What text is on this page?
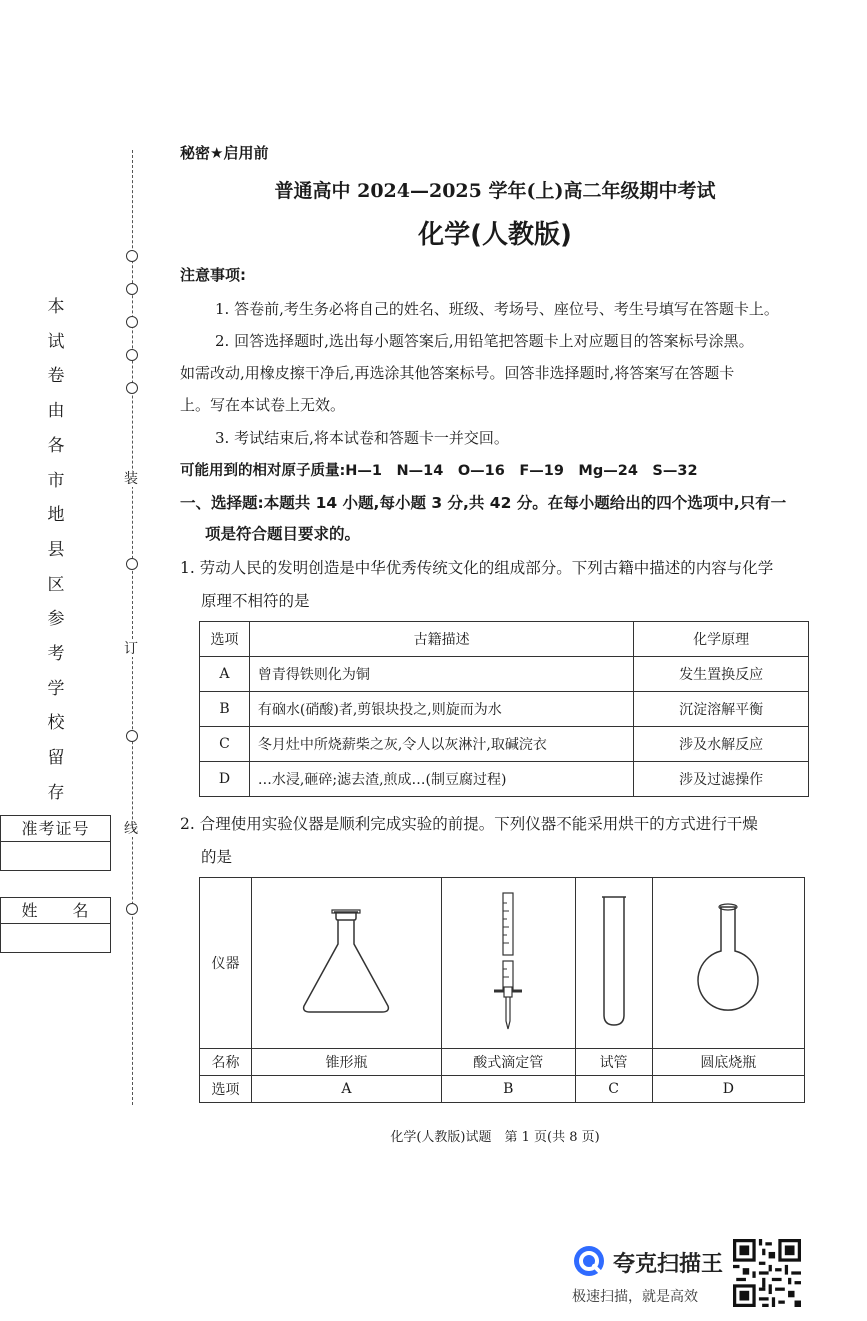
装
订
线
本
试
卷
由
各
市
地
县
区
参
考
学
校
留
存
准考证号
姓　　名
秘密★启用前
普通高中 2024—2025 学年(上)高二年级期中考试
化学(人教版)
注意事项:
1. 答卷前,考生务必将自己的姓名、班级、考场号、座位号、考生号填写在答题卡上。
2. 回答选择题时,选出每小题答案后,用铅笔把答题卡上对应题目的答案标号涂黑。
如需改动,用橡皮擦干净后,再选涂其他答案标号。回答非选择题时,将答案写在答题卡
上。写在本试卷上无效。
3. 考试结束后,将本试卷和答题卡一并交回。
可能用到的相对原子质量:H—1　N—14　O—16　F—19　Mg—24　S—32
一、选择题:本题共 14 小题,每小题 3 分,共 42 分。在每小题给出的四个选项中,只有一
项是符合题目要求的。
1. 劳动人民的发明创造是中华优秀传统文化的组成部分。下列古籍中描述的内容与化学
原理不相符的是
选项	古籍描述	化学原理
A	曾青得铁则化为铜	发生置换反应
B	有硇水(硝酸)者,剪银块投之,则旋而为水	沉淀溶解平衡
C	冬月灶中所烧薪柴之灰,令人以灰淋汁,取碱浣衣	涉及水解反应
D	…水浸,砸碎;滤去渣,煎成…(制豆腐过程)	涉及过滤操作
2. 合理使用实验仪器是顺利完成实验的前提。下列仪器不能采用烘干的方式进行干燥
的是
仪器				
名称	锥形瓶	酸式滴定管	试管	圆底烧瓶
选项	A	B	C	D
化学(人教版)试题　第 1 页(共 8 页)
夸克扫描王
极速扫描，就是高效
